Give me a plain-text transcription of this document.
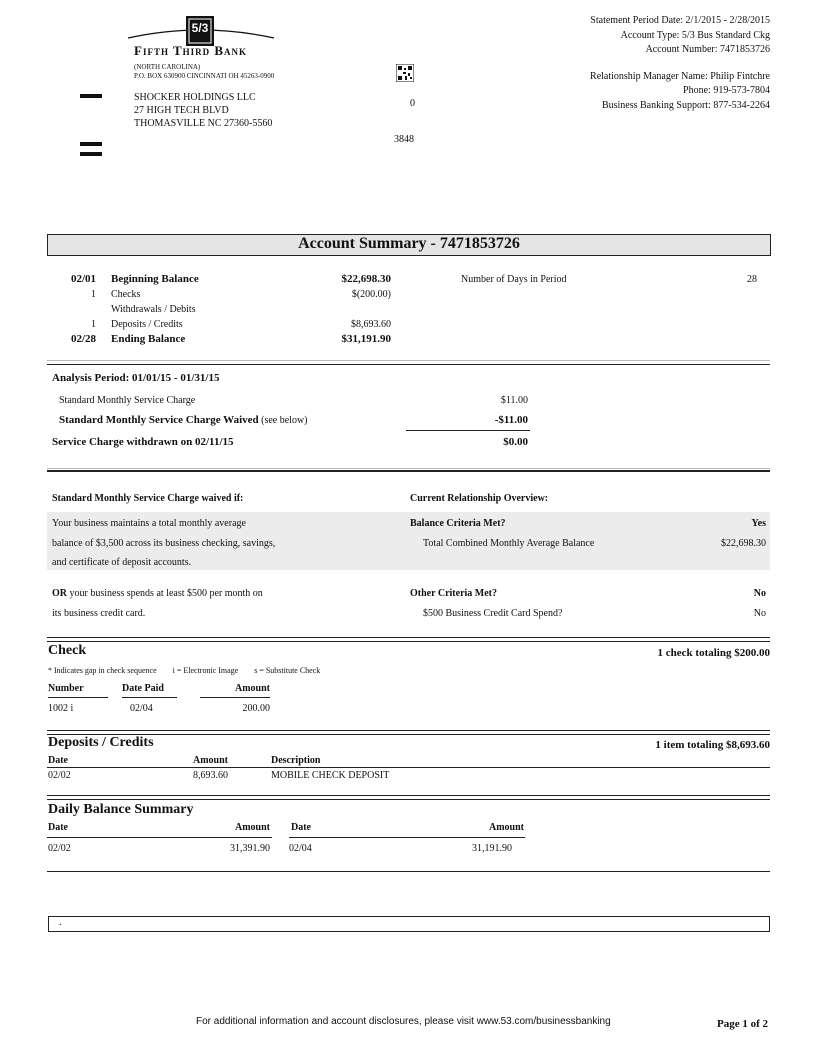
5/3
Fifth Third Bank
(NORTH CAROLINA)
P.O. BOX 630900 CINCINNATI OH 45263-0900
SHOCKER HOLDINGS LLC
27 HIGH TECH BLVD
THOMASVILLE NC 27360-5560
0
3848
Statement Period Date: 2/1/2015 - 2/28/2015
Account Type: 5/3 Bus Standard Ckg
Account Number: 7471853726
Relationship Manager Name: Philip Fintchre
Phone: 919-573-7804
Business Banking Support: 877-534-2264
Account Summary - 7471853726
02/01 Beginning Balance	$22,698.30
1 Checks	$(200.00)
Withdrawals / Debits
1 Deposits / Credits	$8,693.60
02/28 Ending Balance	$31,191.90
Number of Days in Period	28
Analysis Period: 01/01/15 - 01/31/15
Standard Monthly Service Charge	$11.00
Standard Monthly Service Charge Waived (see below)	-$11.00
Service Charge withdrawn on 02/11/15	$0.00
Standard Monthly Service Charge waived if:	Current Relationship Overview:
Your business maintains a total monthly average
balance of $3,500 across its business checking, savings,
and certificate of deposit accounts.
Balance Criteria Met?	Yes
Total Combined Monthly Average Balance	$22,698.30
OR your business spends at least $500 per month on
its business credit card.
Other Criteria Met?	No
$500 Business Credit Card Spend?	No
Check	1 check totaling $200.00
* Indicates gap in check sequence i = Electronic Image s = Substitute Check
Number	Date Paid	Amount
1002 i	02/04	200.00
Deposits / Credits	1 item totaling $8,693.60
Date	Amount	Description
02/02	8,693.60	MOBILE CHECK DEPOSIT
Daily Balance Summary
Date	Amount Date	Amount
02/02	31,391.90 02/04	31,191.90
.
For additional information and account disclosures, please visit www.53.com/businessbanking	Page 1 of 2
